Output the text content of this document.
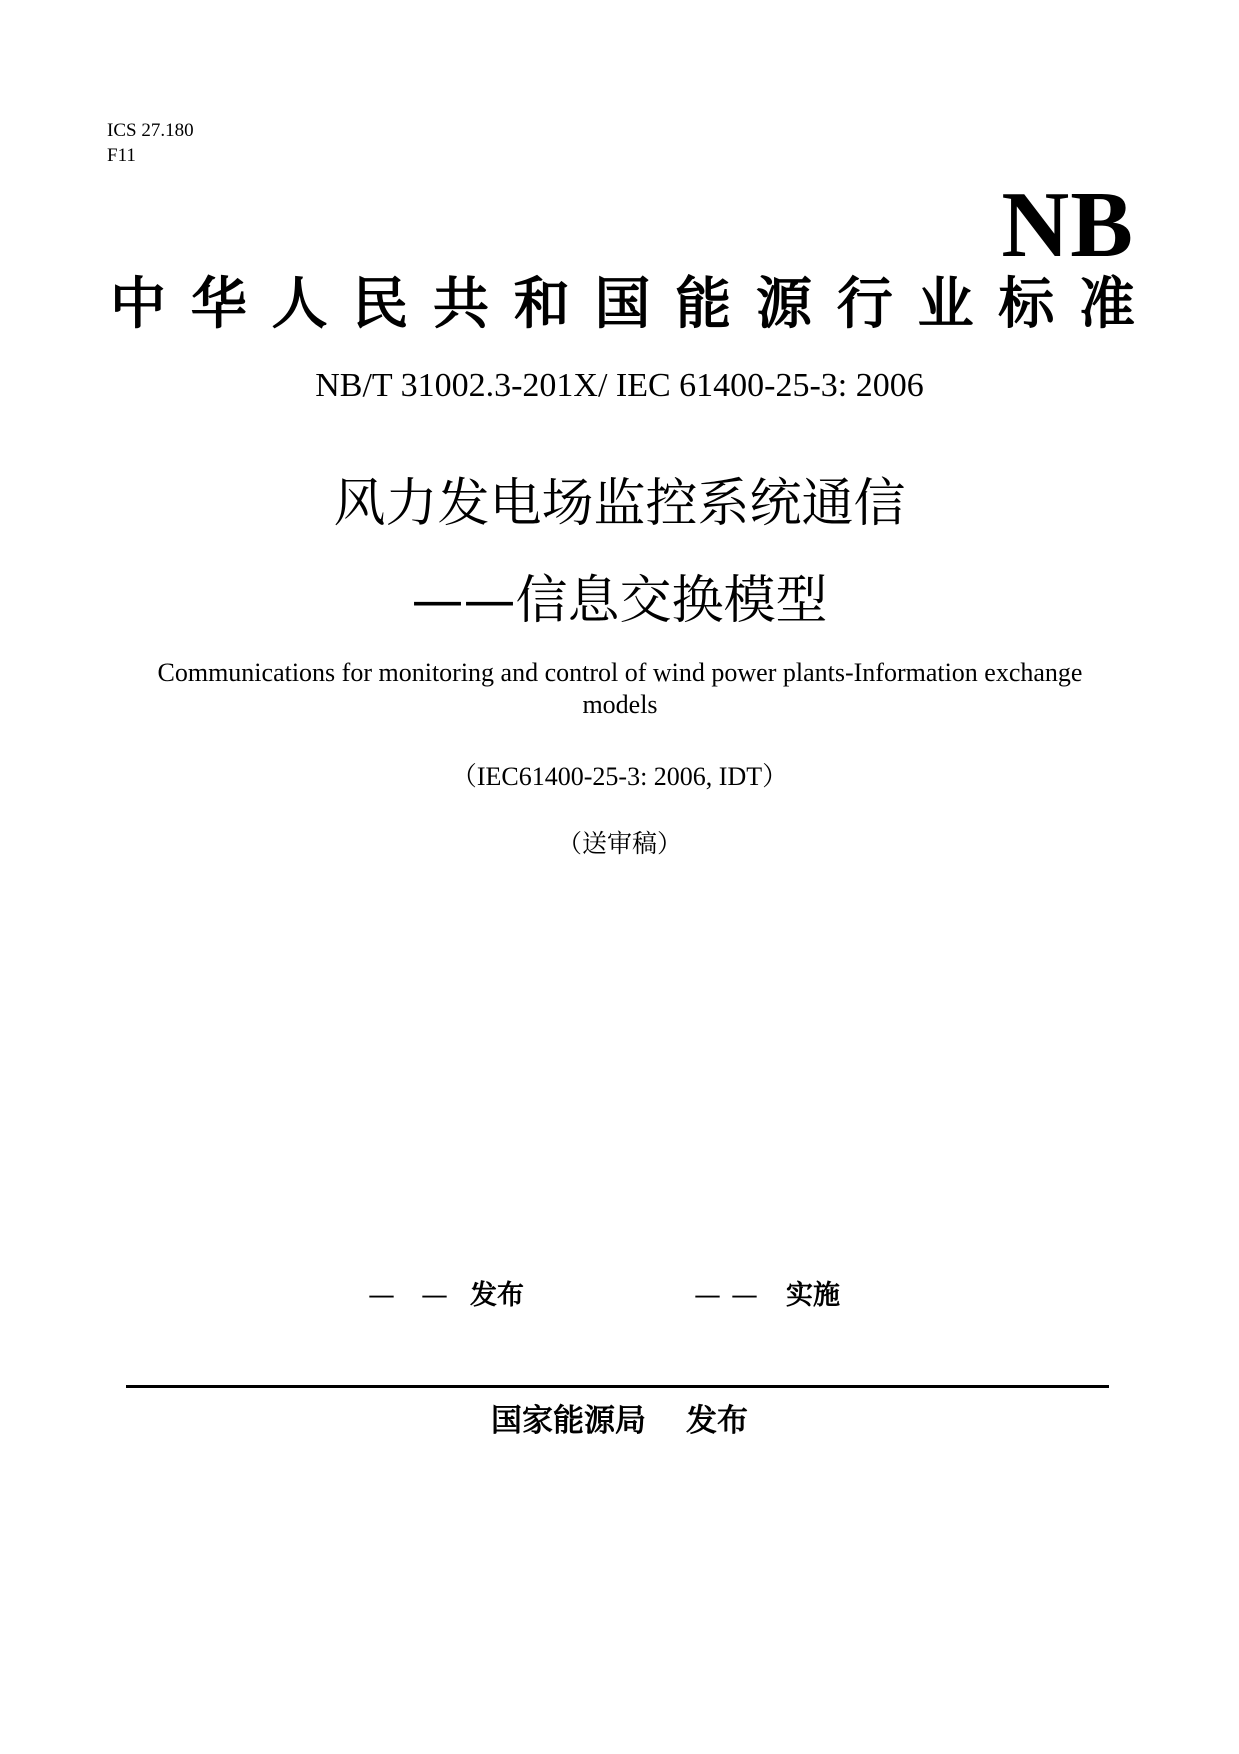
ICS 27.180
F11
NB
中华人民共和国能源行业标准
NB/T 31002.3-201X/ IEC 61400-25-3: 2006
风力发电场监控系统通信
——信息交换模型
Communications for monitoring and control of wind power plants-Information exchange models
（IEC61400-25-3: 2006, IDT）
（送审稿）
— — 发布	— — 实施
国家能源局 发布
